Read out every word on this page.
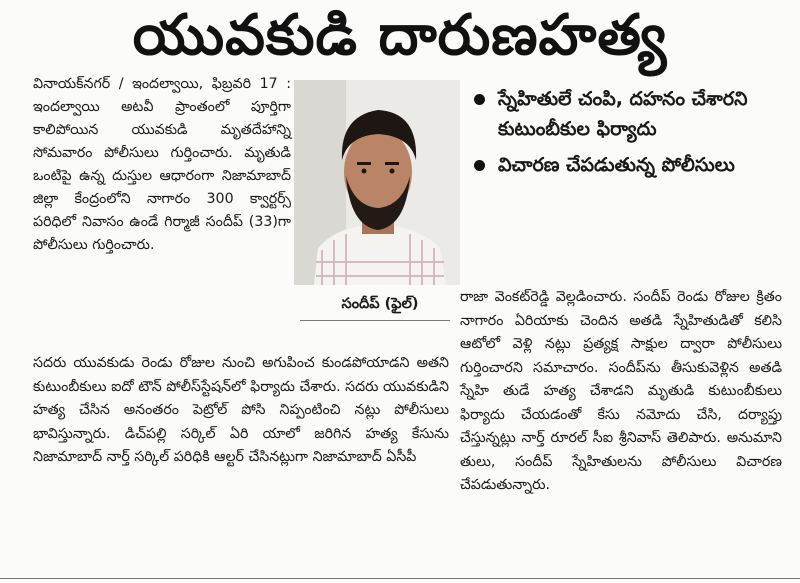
యువకుడి దారుణహత్య
వినాయక్‌నగర్ / ఇందల్వాయి, ఫిబ్రవరి 17 : ఇందల్వాయి అటవీ ప్రాంతంలో పూర్తిగా కాలిపోయిన యువకుడి మృతదేహాన్ని సోమవారం పోలీసులు గుర్తించారు. మృతుడి ఒంటిపై ఉన్న దుస్తుల ఆధారంగా నిజామాబాద్ జిల్లా కేంద్రంలోని నాగారం 300 క్వార్టర్స్ పరిధిలో నివాసం ఉండే గిర్మాజీ సందీప్ (33)గా పోలీసులు గుర్తించారు.
స్నేహితులే చంపి, దహనం చేశారని కుటుంబీకుల ఫిర్యాదు
విచారణ చేపడుతున్న పోలీసులు
సందీప్ (ఫైల్)
సదరు యువకుడు రెండు రోజుల నుంచి అగుపించ కుండపోయాడని అతని కుటుంబీకులు ఐదో టౌన్ పోలీస్‌స్టేషన్‌లో ఫిర్యాదు చేశారు. సదరు యువకుడిని హత్య చేసిన అనంతరం పెట్రోల్ పోసి నిప్పంటించి నట్లు పోలీసులు భావిస్తున్నారు. డిచ్‌పల్లి సర్కిల్ ఏరి యాలో జరిగిన హత్య కేసును నిజామాబాద్ నార్త్ సర్కిల్ పరిధికి ఆల్టర్ చేసినట్లుగా నిజామాబాద్ ఏసీపీ
రాజా వెంకట్‌రెడ్డి వెల్లడించారు. సందీప్ రెండు రోజుల క్రితం నాగారం ఏరియాకు చెందిన అతడి స్నేహితుడితో కలిసి ఆటోలో వెళ్లి నట్లు ప్రత్యక్ష సాక్షుల ద్వారా పోలీసులు గుర్తించారని సమాచారం. సందీప్‌ను తీసుకువెళ్లిన అతడి స్నేహి తుడే హత్య చేశాడని మృతుడి కుటుంబీకులు ఫిర్యాదు చేయడంతో కేసు నమోదు చేసి, దర్యాప్తు చేస్తున్నట్లు నార్త్ రూరల్ సీఐ శ్రీనివాస్ తెలిపారు. అనుమాని తులు, సందీప్ స్నేహితులను పోలీసులు విచారణ చేపడుతున్నారు.
